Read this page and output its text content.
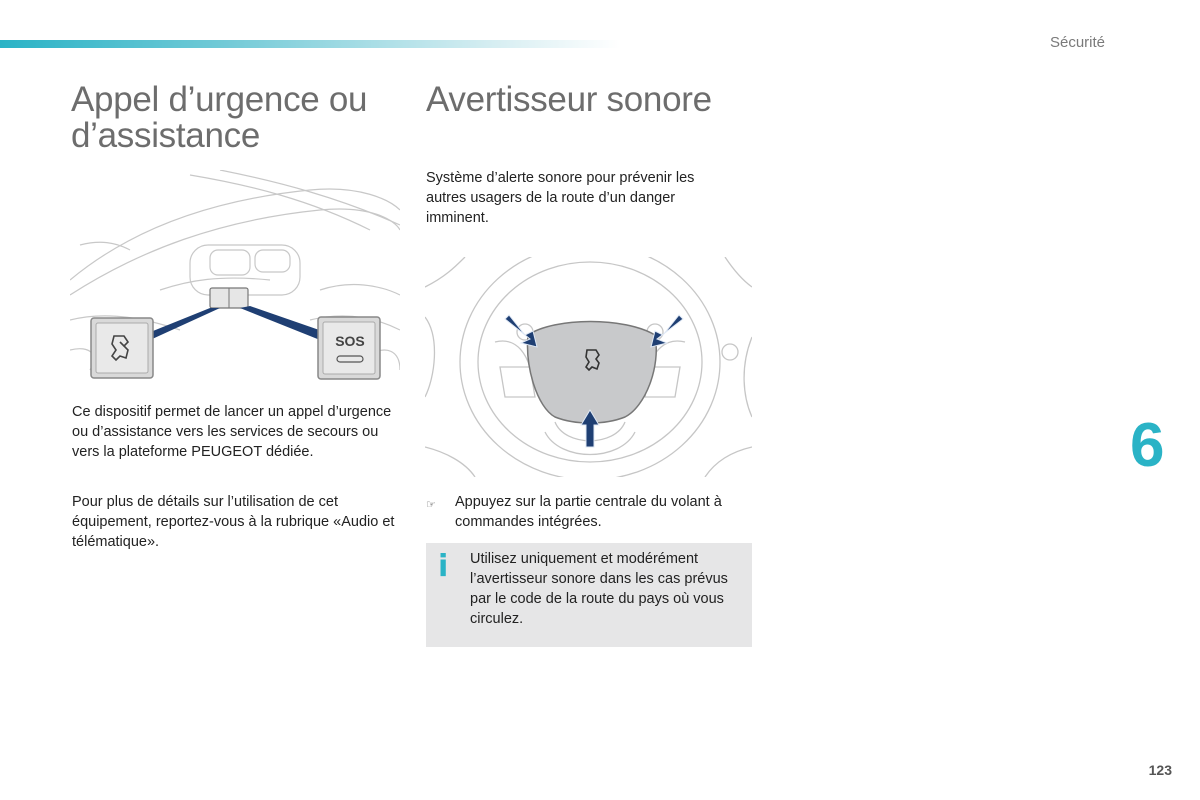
Sécurité
Appel d’urgence ou d’assistance
Avertisseur sonore
SOS

Ce dispositif permet de lancer un appel d’urgence ou d’assistance vers les services de secours ou vers la plateforme PEUGEOT dédiée.

Pour plus de détails sur l’utilisation de cet équipement, reportez-vous à la rubrique «Audio et télématique».

Système d’alerte sonore pour prévenir les autres usagers de la route d’un danger imminent.

☞ Appuyez sur la partie centrale du volant à commandes intégrées.
i Utilisez uniquement et modérément l’avertisseur sonore dans les cas prévus par le code de la route du pays où vous circulez.
6
123
